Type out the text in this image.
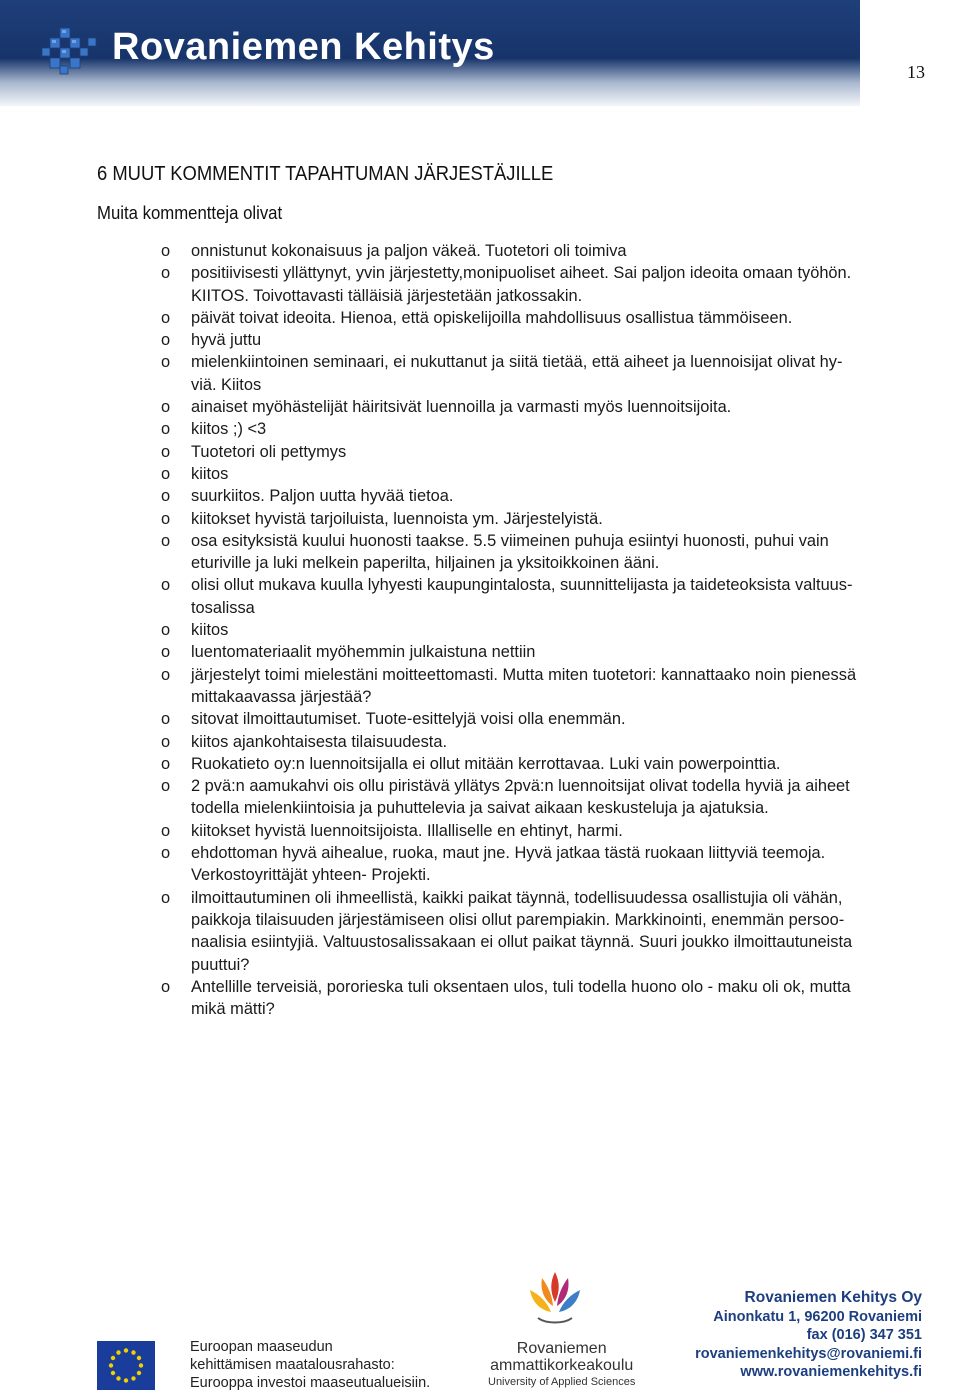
Rovaniemen Kehitys
13
6 MUUT KOMMENTIT TAPAHTUMAN JÄRJESTÄJILLE
Muita kommentteja olivat
o onnistunut kokonaisuus ja paljon väkeä. Tuotetori oli toimiva
o positiivisesti yllättynyt, yvin järjestetty,monipuoliset aiheet. Sai paljon ideoita omaan työhön.
KIITOS. Toivottavasti tälläisiä järjestetään jatkossakin.
o päivät toivat ideoita. Hienoa, että opiskelijoilla mahdollisuus osallistua tämmöiseen.
o hyvä juttu
o mielenkiintoinen seminaari, ei nukuttanut ja siitä tietää, että aiheet ja luennoisijat olivat hy-
viä. Kiitos
o ainaiset myöhästelijät häiritsivät luennoilla ja varmasti myös luennoitsijoita.
o kiitos ;) <3
o Tuotetori oli pettymys
o kiitos
o suurkiitos. Paljon uutta hyvää tietoa.
o kiitokset hyvistä tarjoiluista, luennoista ym. Järjestelyistä.
o osa esityksistä kuului huonosti taakse. 5.5 viimeinen puhuja esiintyi huonosti, puhui vain
eturiville ja luki melkein paperilta, hiljainen ja yksitoikkoinen ääni.
o olisi ollut mukava kuulla lyhyesti kaupungintalosta, suunnittelijasta ja taideteoksista valtuus-
tosalissa
o kiitos
o luentomateriaalit myöhemmin julkaistuna nettiin
o järjestelyt toimi mielestäni moitteettomasti. Mutta miten tuotetori: kannattaako noin pienessä
mittakaavassa järjestää?
o sitovat ilmoittautumiset. Tuote-esittelyjä voisi olla enemmän.
o kiitos ajankohtaisesta tilaisuudesta.
o Ruokatieto oy:n luennoitsijalla ei ollut mitään kerrottavaa. Luki vain powerpointtia.
o 2 pvä:n aamukahvi ois ollu piristävä yllätys 2pvä:n luennoitsijat olivat todella hyviä ja aiheet
todella mielenkiintoisia ja puhuttelevia ja saivat aikaan keskusteluja ja ajatuksia.
o kiitokset hyvistä luennoitsijoista. Illalliselle en ehtinyt, harmi.
o ehdottoman hyvä aihealue, ruoka, maut jne. Hyvä jatkaa tästä ruokaan liittyviä teemoja.
Verkostoyrittäjät yhteen- Projekti.
o ilmoittautuminen oli ihmeellistä, kaikki paikat täynnä, todellisuudessa osallistujia oli vähän,
paikkoja tilaisuuden järjestämiseen olisi ollut parempiakin. Markkinointi, enemmän persoo-
naalisia esiintyjiä. Valtuustosalissakaan ei ollut paikat täynnä. Suuri joukko ilmoittautuneista
puuttui?
o Antellille terveisiä, pororieska tuli oksentaen ulos, tuli todella huono olo - maku oli ok, mutta
mikä mätti?
Euroopan maaseudun
kehittämisen maatalousrahasto:
Eurooppa investoi maaseutualueisiin.
Rovaniemen
ammattikorkeakoulu
University of Applied Sciences
Rovaniemen Kehitys Oy
Ainonkatu 1, 96200 Rovaniemi
fax (016) 347 351
rovaniemenkehitys@rovaniemi.fi
www.rovaniemenkehitys.fi
